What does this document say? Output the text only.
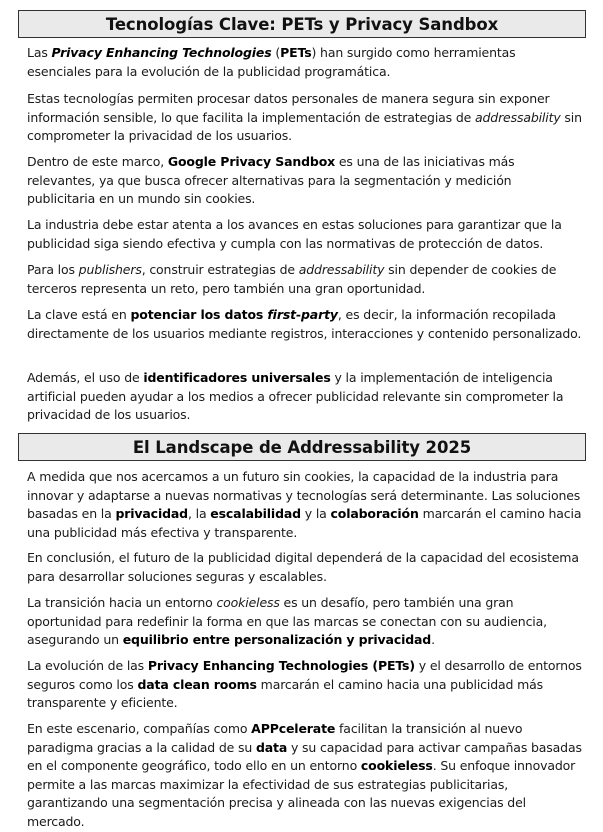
Tecnologías Clave: PETs y Privacy Sandbox

Las Privacy Enhancing Technologies (PETs) han surgido como herramientas esenciales para la evolución de la publicidad programática.

Estas tecnologías permiten procesar datos personales de manera segura sin exponer información sensible, lo que facilita la implementación de estrategias de addressability sin comprometer la privacidad de los usuarios.

Dentro de este marco, Google Privacy Sandbox es una de las iniciativas más relevantes, ya que busca ofrecer alternativas para la segmentación y medición publicitaria en un mundo sin cookies.

La industria debe estar atenta a los avances en estas soluciones para garantizar que la publicidad siga siendo efectiva y cumpla con las normativas de protección de datos.

Para los publishers, construir estrategias de addressability sin depender de cookies de terceros representa un reto, pero también una gran oportunidad.

La clave está en potenciar los datos first-party, es decir, la información recopilada directamente de los usuarios mediante registros, interacciones y contenido personalizado.

Además, el uso de identificadores universales y la implementación de inteligencia artificial pueden ayudar a los medios a ofrecer publicidad relevante sin comprometer la privacidad de los usuarios.

El Landscape de Addressability 2025

A medida que nos acercamos a un futuro sin cookies, la capacidad de la industria para innovar y adaptarse a nuevas normativas y tecnologías será determinante. Las soluciones basadas en la privacidad, la escalabilidad y la colaboración marcarán el camino hacia una publicidad más efectiva y transparente.

En conclusión, el futuro de la publicidad digital dependerá de la capacidad del ecosistema para desarrollar soluciones seguras y escalables.

La transición hacia un entorno cookieless es un desafío, pero también una gran oportunidad para redefinir la forma en que las marcas se conectan con su audiencia, asegurando un equilibrio entre personalización y privacidad.

La evolución de las Privacy Enhancing Technologies (PETs) y el desarrollo de entornos seguros como los data clean rooms marcarán el camino hacia una publicidad más transparente y eficiente.

En este escenario, compañías como APPcelerate facilitan la transición al nuevo paradigma gracias a la calidad de su data y su capacidad para activar campañas basadas en el componente geográfico, todo ello en un entorno cookieless. Su enfoque innovador permite a las marcas maximizar la efectividad de sus estrategias publicitarias, garantizando una segmentación precisa y alineada con las nuevas exigencias del mercado.
